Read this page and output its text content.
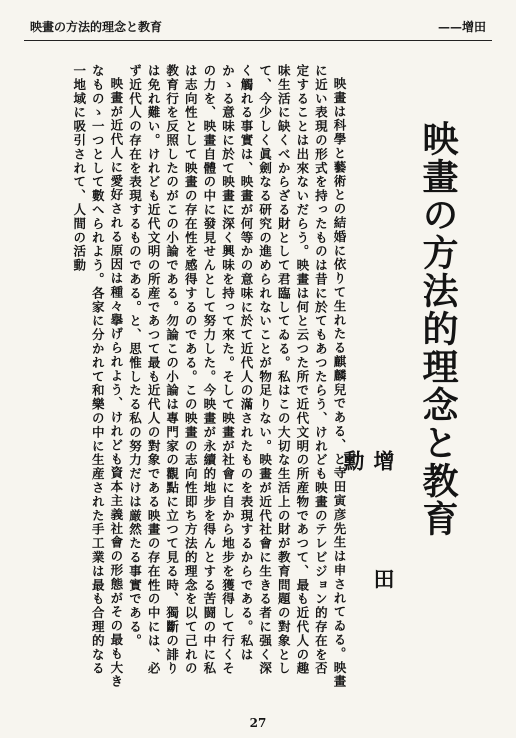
映畫の方法的理念と教育	——增田
映畫の方法的理念と教育
增　田　勳

映畫は科學と藝術との結婚に依りて生れたる麒麟兒である、と寺田寅彦先生は申されてゐる。映畫に近い表現の形式を持ったものは昔に於てもあつたらう、けれども映畫のテレビジョン的存在を否定することは出來ないだらう。映畫は何と云つた所で近代文明の所産物であつて、最も近代人の趣味生活に缺くべからざる財として君臨してゐる。私はこの大切な生活上の財が教育問題の對象として、今少しく眞劍なる研究の進められないことが物足りない。映畫が近代社會に生きる者に强く深く觸れる事實は、映畫が何等かの意味に於て近代人の滿されたものを表現するからである。私はかゝる意味に於て映畫に深く興味を持って來た。そして映畫が社會に自から地步を獲得して行くその力を、映畫自體の中に發見せんとして努力した。今映畫が永續的地步を得んとする苦闘の中に私は志向性として映畫の存在性を感得するのである。この映畫の志向性即ち方法的理念を以て己れの教育行を反照したのがこの小論である。勿論この小論は專門家の觀點に立つて見る時、獨斷の誹りは免れ難い。けれども近代文明の所産であつて最も近代人の對象である映畫の存在性の中には、必ず近代人の存在を表現するものである。と、思惟したる私の努力だけは厳然たる事實である。

映畫が近代人に愛好される原因は種々擧げられよう、けれども資本主義社會の形態がその最も大きなものゝ一つとして數へられよう。各家に分かれて和樂の中に生産された手工業は最も合理的なる一地域に吸引されて、人間の活動

27
